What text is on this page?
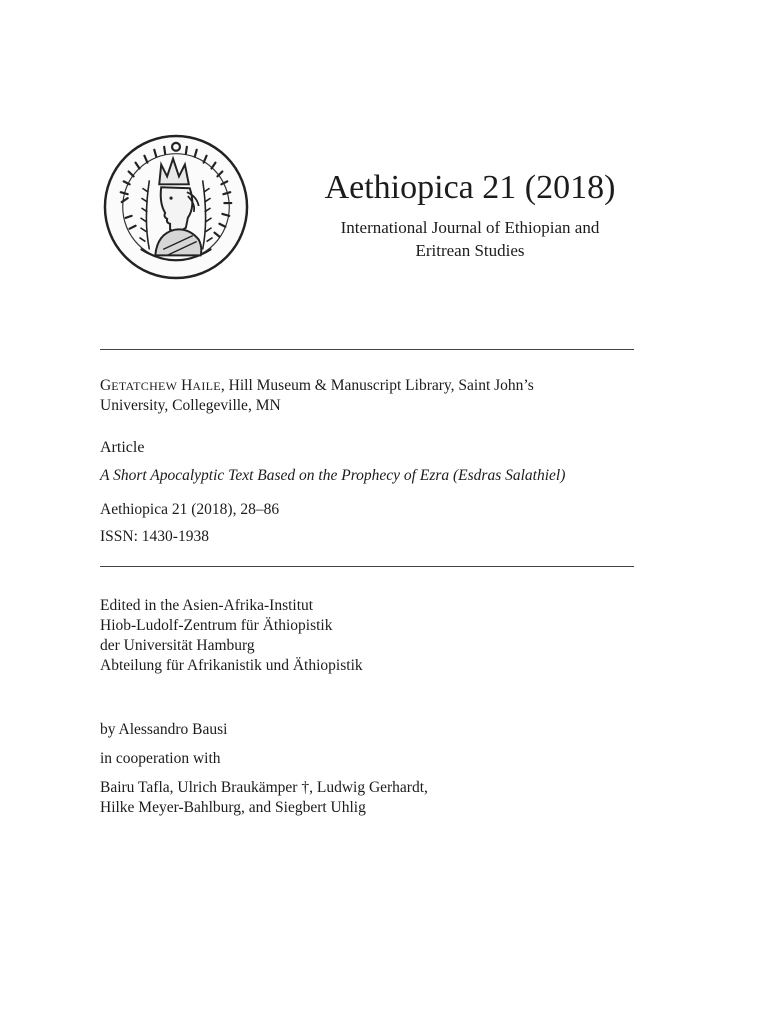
Aethiopica 21 (2018)
International Journal of Ethiopian and
Eritrean Studies
GETATCHEW HAILE, Hill Museum & Manuscript Library, Saint John’s
University, Collegeville, MN
Article
A Short Apocalyptic Text Based on the Prophecy of Ezra (Esdras Salathiel)
Aethiopica 21 (2018), 28–86
ISSN: 1430-1938
Edited in the Asien-Afrika-Institut
Hiob-Ludolf-Zentrum für Äthiopistik
der Universität Hamburg
Abteilung für Afrikanistik und Äthiopistik
by Alessandro Bausi
in cooperation with
Bairu Tafla, Ulrich Braukämper †, Ludwig Gerhardt,
Hilke Meyer-Bahlburg, and Siegbert Uhlig
